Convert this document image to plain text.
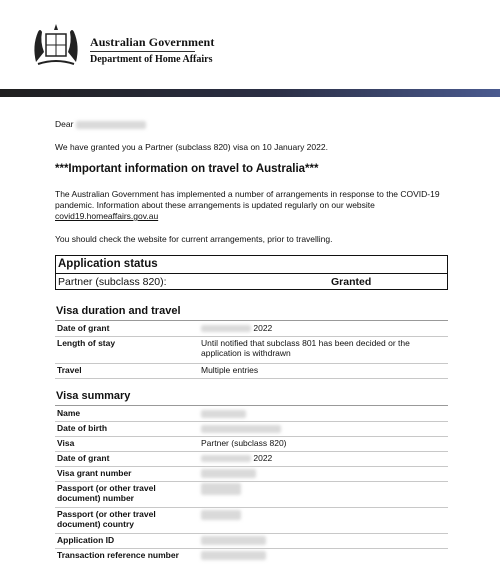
Australian Government
Department of Home Affairs
Dear
We have granted you a Partner (subclass 820) visa on 10 January 2022.
***Important information on travel to Australia***
The Australian Government has implemented a number of arrangements in response to the COVID-19 pandemic. Information about these arrangements is updated regularly on our website covid19.homeaffairs.gov.au
You should check the website for current arrangements, prior to travelling.
Application status
Partner (subclass 820):	Granted
Visa duration and travel
Date of grant	2022
Length of stay	Until notified that subclass 801 has been decided or the application is withdrawn
Travel	Multiple entries
Visa summary
Name
Date of birth
Visa	Partner (subclass 820)
Date of grant	2022
Visa grant number
Passport (or other travel document) number
Passport (or other travel document) country
Application ID
Transaction reference number
